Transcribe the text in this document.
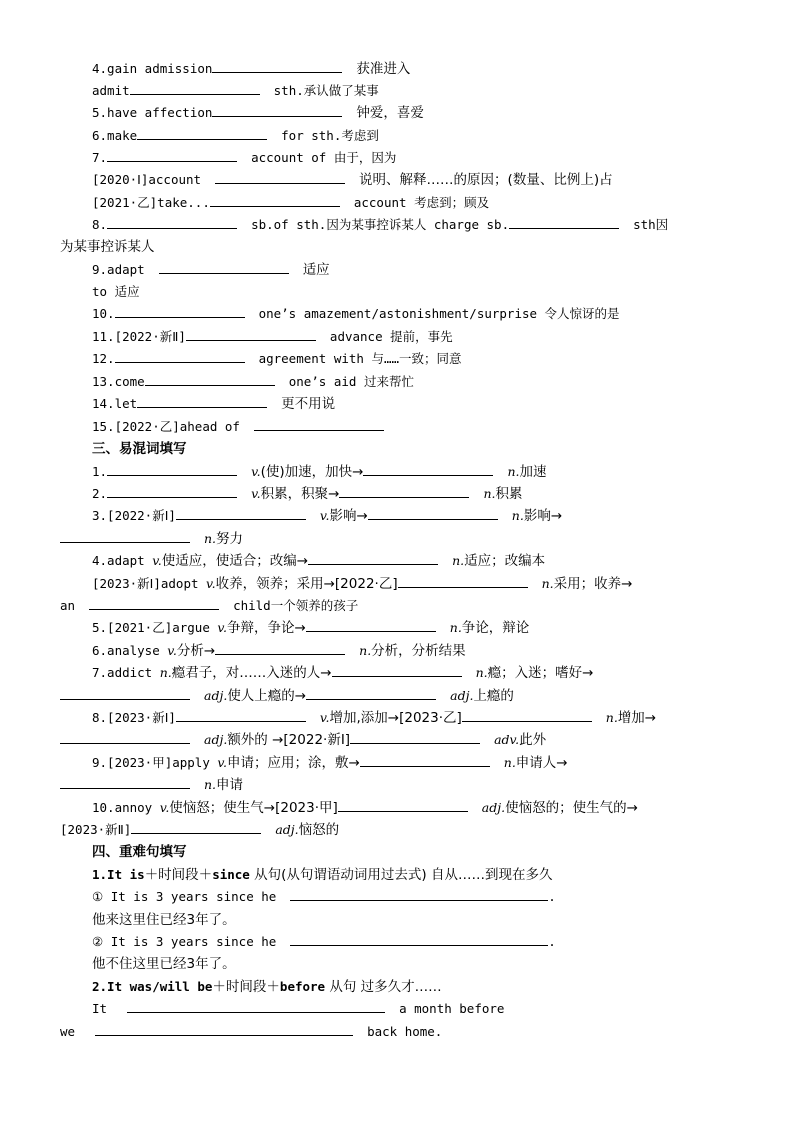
4.gain admission	获准进入
admit	sth.承认做了某事
5.have affection	钟爱，喜爱
6.make	for sth.考虑到
7.	account of 由于，因为
[2020·Ⅰ]account	说明、解释……的原因；(数量、比例上)占
[2021·乙]take...	account 考虑到；顾及
8.	sb.of sth.因为某事控诉某人 charge sb.	sth因
为某事控诉某人
9.adapt	适应
to 适应
10.	one’s amazement/astonishment/surprise 令人惊讶的是
11.[2022·新Ⅱ]	advance 提前，事先
12.	agreement with 与……一致；同意
13.come	one’s aid 过来帮忙
14.let	更不用说
15.[2022·乙]ahead of
三、易混词填写
1.	v.(使)加速，加快→	n.加速
2.	v.积累，积聚→	n.积累
3.[2022·新Ⅰ]	v.影响→	n.影响→
n.努力
4.adapt v.使适应，使适合；改编→	n.适应；改编本
[2023·新Ⅰ]adopt v.收养，领养；采用→[2022·乙]	n.采用；收养→
an	child一个领养的孩子
5.[2021·乙]argue v.争辩，争论→	n.争论，辩论
6.analyse v.分析→	n.分析，分析结果
7.addict n.瘾君子，对……入迷的人→	n.瘾；入迷；嗜好→
adj.使人上瘾的→	adj.上瘾的
8.[2023·新Ⅰ]	v.增加,添加→[2023·乙]	n.增加→
adj.额外的 →[2022·新Ⅰ]	adv.此外
9.[2023·甲]apply v.申请；应用；涂，敷→	n.申请人→
n.申请
10.annoy v.使恼怒；使生气→[2023·甲]	adj.使恼怒的；使生气的→
[2023·新Ⅱ]	adj.恼怒的
四、重难句填写
1.It is＋时间段＋since 从句(从句谓语动词用过去式) 自从……到现在多久
① It is 3 years since he	.
他来这里住已经3年了。
② It is 3 years since he	.
他不住这里已经3年了。
2.It was/will be＋时间段＋before 从句 过多久才……
It	a month before
we	back home.
